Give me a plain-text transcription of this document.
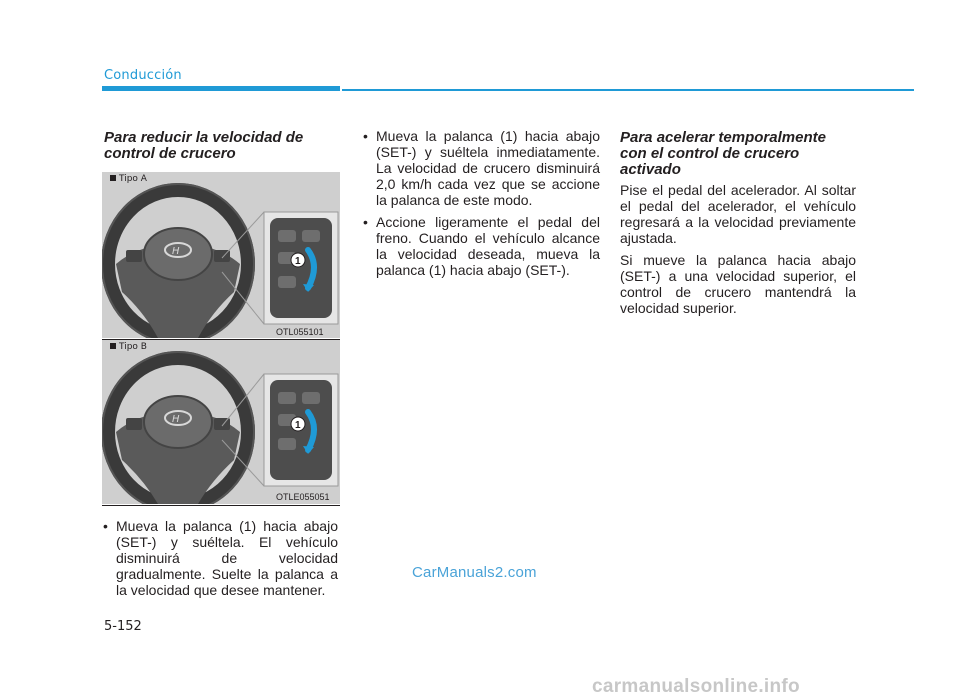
Conducción
Para reducir la velocidad de control de crucero
Tipo A
H
1
OTL055101
Tipo B
H
1
OTLE055051
• Mueva la palanca (1) hacia abajo (SET-) y suéltela. El vehículo disminuirá de velocidad gradualmente. Suelte la palanca a la velocidad que desee mantener.
• Mueva la palanca (1) hacia abajo (SET-) y suéltela inmediatamente. La velocidad de crucero disminuirá 2,0 km/h cada vez que se accione la palanca de este modo.
• Accione ligeramente el pedal del freno. Cuando el vehículo alcance la velocidad deseada, mueva la palanca (1) hacia abajo (SET-).
Para acelerar temporalmente con el control de crucero activado

Pise el pedal del acelerador. Al soltar el pedal del acelerador, el vehículo regresará a la velocidad previamente ajustada.

Si mueve la palanca hacia abajo (SET-) a una velocidad superior, el control de crucero mantendrá la velocidad superior.

CarManuals2.com
5-152
carmanualsonline.info
